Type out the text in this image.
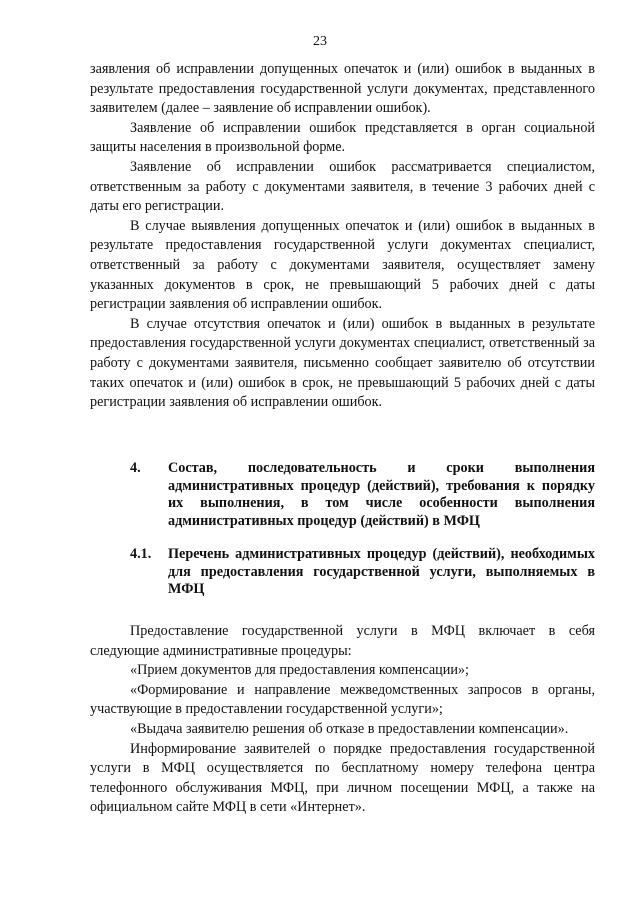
23

заявления об исправлении допущенных опечаток и (или) ошибок в выданных в результате предоставления государственной услуги документах, представленного заявителем (далее – заявление об исправлении ошибок).

Заявление об исправлении ошибок представляется в орган социальной защиты населения в произвольной форме.

Заявление об исправлении ошибок рассматривается специалистом, ответственным за работу с документами заявителя, в течение 3 рабочих дней с даты его регистрации.

В случае выявления допущенных опечаток и (или) ошибок в выданных в результате предоставления государственной услуги документах специалист, ответственный за работу с документами заявителя, осуществляет замену указанных документов в срок, не превышающий 5 рабочих дней с даты регистрации заявления об исправлении ошибок.

В случае отсутствия опечаток и (или) ошибок в выданных в результате предоставления государственной услуги документах специалист, ответственный за работу с документами заявителя, письменно сообщает заявителю об отсутствии таких опечаток и (или) ошибок в срок, не превышающий 5 рабочих дней с даты регистрации заявления об исправлении ошибок.

4. Состав, последовательность и сроки выполнения административных процедур (действий), требования к порядку их выполнения, в том числе особенности выполнения административных процедур (действий) в МФЦ
4.1. Перечень административных процедур (действий), необходимых для предоставления государственной услуги, выполняемых в МФЦ

Предоставление государственной услуги в МФЦ включает в себя следующие административные процедуры:

«Прием документов для предоставления компенсации»;

«Формирование и направление межведомственных запросов в органы, участвующие в предоставлении государственной услуги»;

«Выдача заявителю решения об отказе в предоставлении компенсации».

Информирование заявителей о порядке предоставления государственной услуги в МФЦ осуществляется по бесплатному номеру телефона центра телефонного обслуживания МФЦ, при личном посещении МФЦ, а также на официальном сайте МФЦ в сети «Интернет».
